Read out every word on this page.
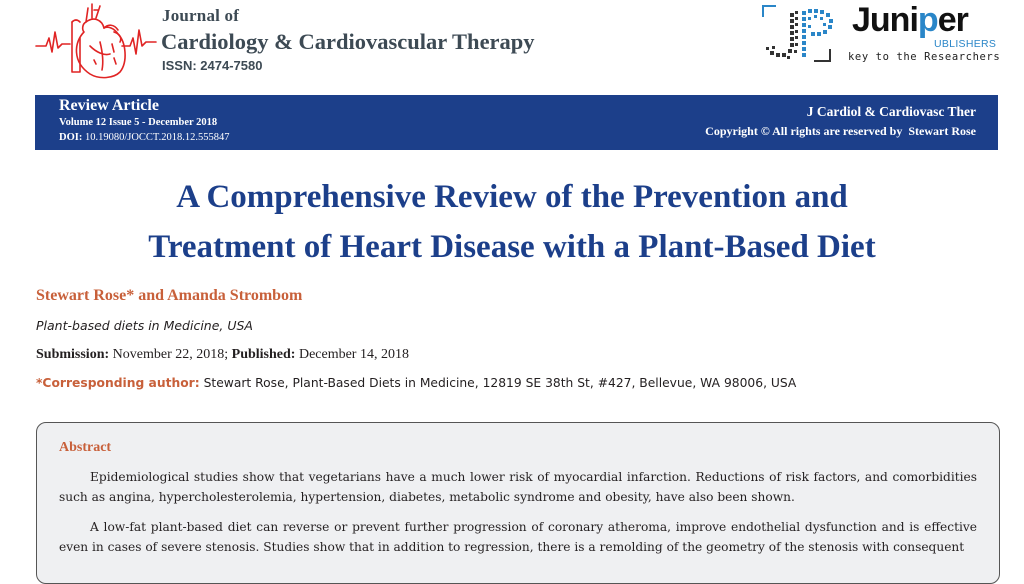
Journal of
Cardiology & Cardiovascular Therapy
ISSN: 2474-7580
Juniper
UBLISHERS
key to the Researchers
Review Article
Volume 12 Issue 5 - December 2018
DOI: 10.19080/JOCCT.2018.12.555847
J Cardiol & Cardiovasc Ther
Copyright © All rights are reserved by  Stewart Rose
A Comprehensive Review of the Prevention and
Treatment of Heart Disease with a Plant-Based Diet
Stewart Rose* and Amanda Strombom
Plant-based diets in Medicine, USA
Submission: November 22, 2018; Published: December 14, 2018
*Corresponding author: Stewart Rose, Plant-Based Diets in Medicine, 12819 SE 38th St, #427, Bellevue, WA 98006, USA
Abstract
Epidemiological studies show that vegetarians have a much lower risk of myocardial infarction. Reductions of risk factors, and comorbidities such as angina, hypercholesterolemia, hypertension, diabetes, metabolic syndrome and obesity, have also been shown.
A low-fat plant-based diet can reverse or prevent further progression of coronary atheroma, improve endothelial dysfunction and is effective even in cases of severe stenosis. Studies show that in addition to regression, there is a remolding of the geometry of the stenosis with consequent
